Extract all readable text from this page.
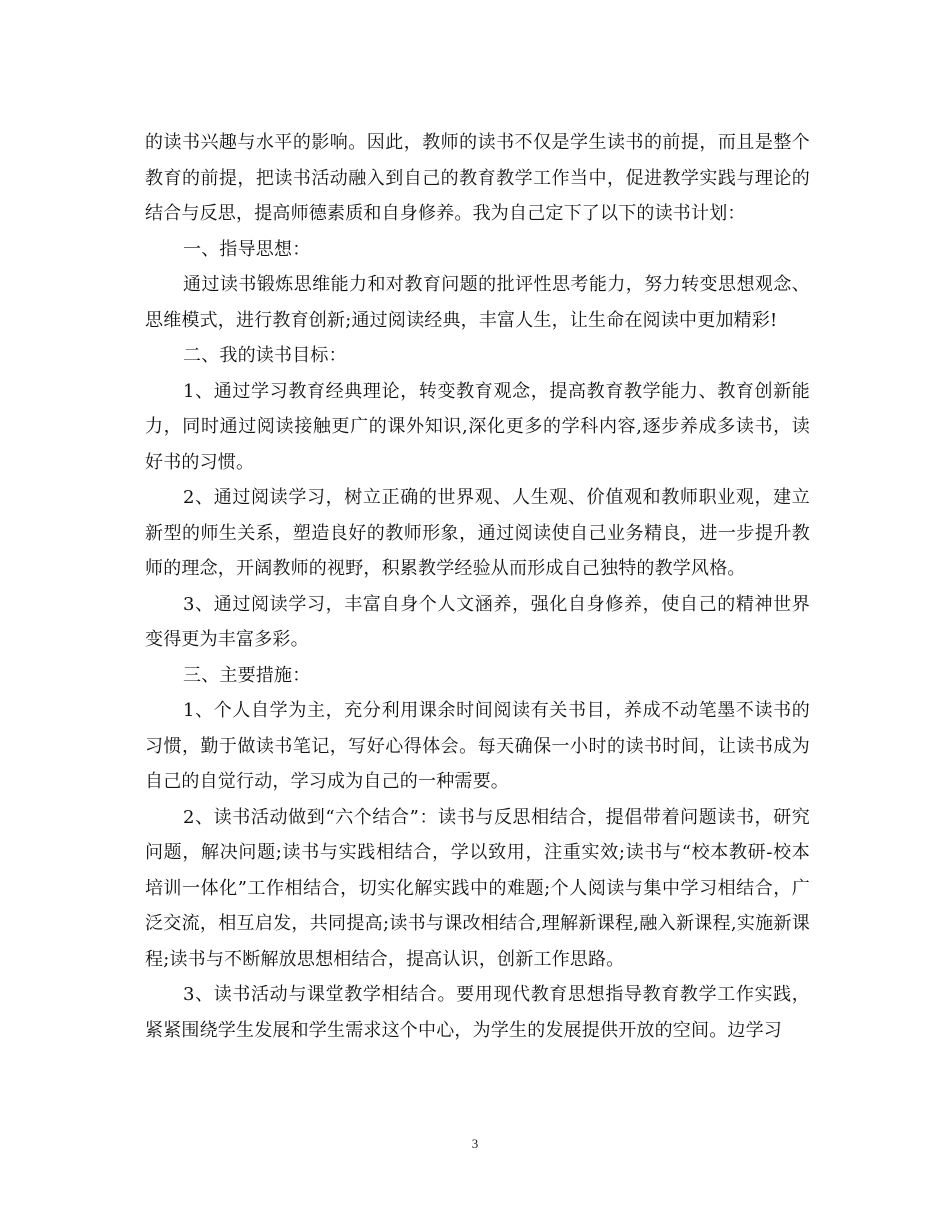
的读书兴趣与水平的影响。因此，教师的读书不仅是学生读书的前提，而且是整个教育的前提，把读书活动融入到自己的教育教学工作当中，促进教学实践与理论的结合与反思，提高师德素质和自身修养。我为自己定下了以下的读书计划：

一、指导思想：

通过读书锻炼思维能力和对教育问题的批评性思考能力，努力转变思想观念、思维模式，进行教育创新;通过阅读经典，丰富人生，让生命在阅读中更加精彩!

二、我的读书目标：

1、通过学习教育经典理论，转变教育观念，提高教育教学能力、教育创新能力，同时通过阅读接触更广的课外知识,深化更多的学科内容,逐步养成多读书，读好书的习惯。

2、通过阅读学习，树立正确的世界观、人生观、价值观和教师职业观，建立新型的师生关系，塑造良好的教师形象，通过阅读使自己业务精良，进一步提升教师的理念，开阔教师的视野，积累教学经验从而形成自己独特的教学风格。

3、通过阅读学习，丰富自身个人文涵养，强化自身修养，使自己的精神世界变得更为丰富多彩。

三、主要措施：

1、个人自学为主，充分利用课余时间阅读有关书目，养成不动笔墨不读书的习惯，勤于做读书笔记，写好心得体会。每天确保一小时的读书时间，让读书成为自己的自觉行动，学习成为自己的一种需要。

2、读书活动做到“六个结合”：读书与反思相结合，提倡带着问题读书，研究问题，解决问题;读书与实践相结合，学以致用，注重实效;读书与“校本教研-校本培训一体化”工作相结合，切实化解实践中的难题;个人阅读与集中学习相结合，广泛交流，相互启发，共同提高;读书与课改相结合,理解新课程,融入新课程,实施新课程;读书与不断解放思想相结合，提高认识，创新工作思路。

3、读书活动与课堂教学相结合。要用现代教育思想指导教育教学工作实践，紧紧围绕学生发展和学生需求这个中心，为学生的发展提供开放的空间。边学习

3
